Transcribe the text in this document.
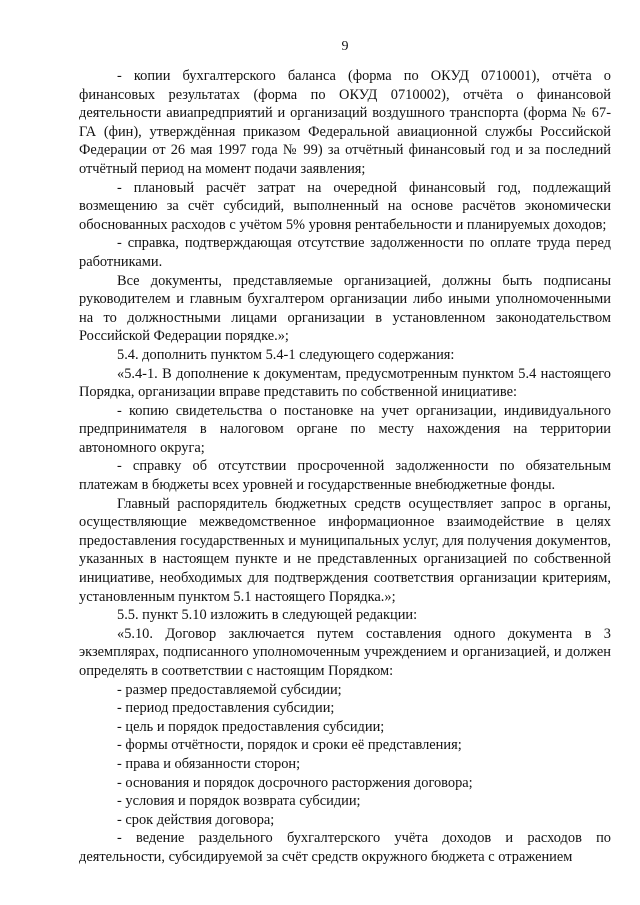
9

- копии бухгалтерского баланса (форма по ОКУД 0710001), отчёта о финансовых результатах (форма по ОКУД 0710002), отчёта о финансовой деятельности авиапредприятий и организаций воздушного транспорта (форма № 67-ГА (фин), утверждённая приказом Федеральной авиационной службы Российской Федерации от 26 мая 1997 года № 99) за отчётный финансовый год и за последний отчётный период на момент подачи заявления;

- плановый расчёт затрат на очередной финансовый год, подлежащий возмещению за счёт субсидий, выполненный на основе расчётов экономически обоснованных расходов с учётом 5% уровня рентабельности и планируемых доходов;

- справка, подтверждающая отсутствие задолженности по оплате труда перед работниками.

Все документы, представляемые организацией, должны быть подписаны руководителем и главным бухгалтером организации либо иными уполномоченными на то должностными лицами организации в установленном законодательством Российской Федерации порядке.»;

5.4. дополнить пунктом 5.4-1 следующего содержания:

«5.4-1. В дополнение к документам, предусмотренным пунктом 5.4 настоящего Порядка, организации вправе представить по собственной инициативе:

- копию свидетельства о постановке на учет организации, индивидуального предпринимателя в налоговом органе по месту нахождения на территории автономного округа;

- справку об отсутствии просроченной задолженности по обязательным платежам в бюджеты всех уровней и государственные внебюджетные фонды.

Главный распорядитель бюджетных средств осуществляет запрос в органы, осуществляющие межведомственное информационное взаимодействие в целях предоставления государственных и муниципальных услуг, для получения документов, указанных в настоящем пункте и не представленных организацией по собственной инициативе, необходимых для подтверждения соответствия организации критериям, установленным пунктом 5.1 настоящего Порядка.»;

5.5. пункт 5.10 изложить в следующей редакции:

«5.10. Договор заключается путем составления одного документа в 3 экземплярах, подписанного уполномоченным учреждением и организацией, и должен определять в соответствии с настоящим Порядком:

- размер предоставляемой субсидии;

- период предоставления субсидии;

- цель и порядок предоставления субсидии;

- формы отчётности, порядок и сроки её представления;

- права и обязанности сторон;

- основания и порядок досрочного расторжения договора;

- условия и порядок возврата субсидии;

- срок действия договора;

- ведение раздельного бухгалтерского учёта доходов и расходов по деятельности, субсидируемой за счёт средств окружного бюджета с отражением
